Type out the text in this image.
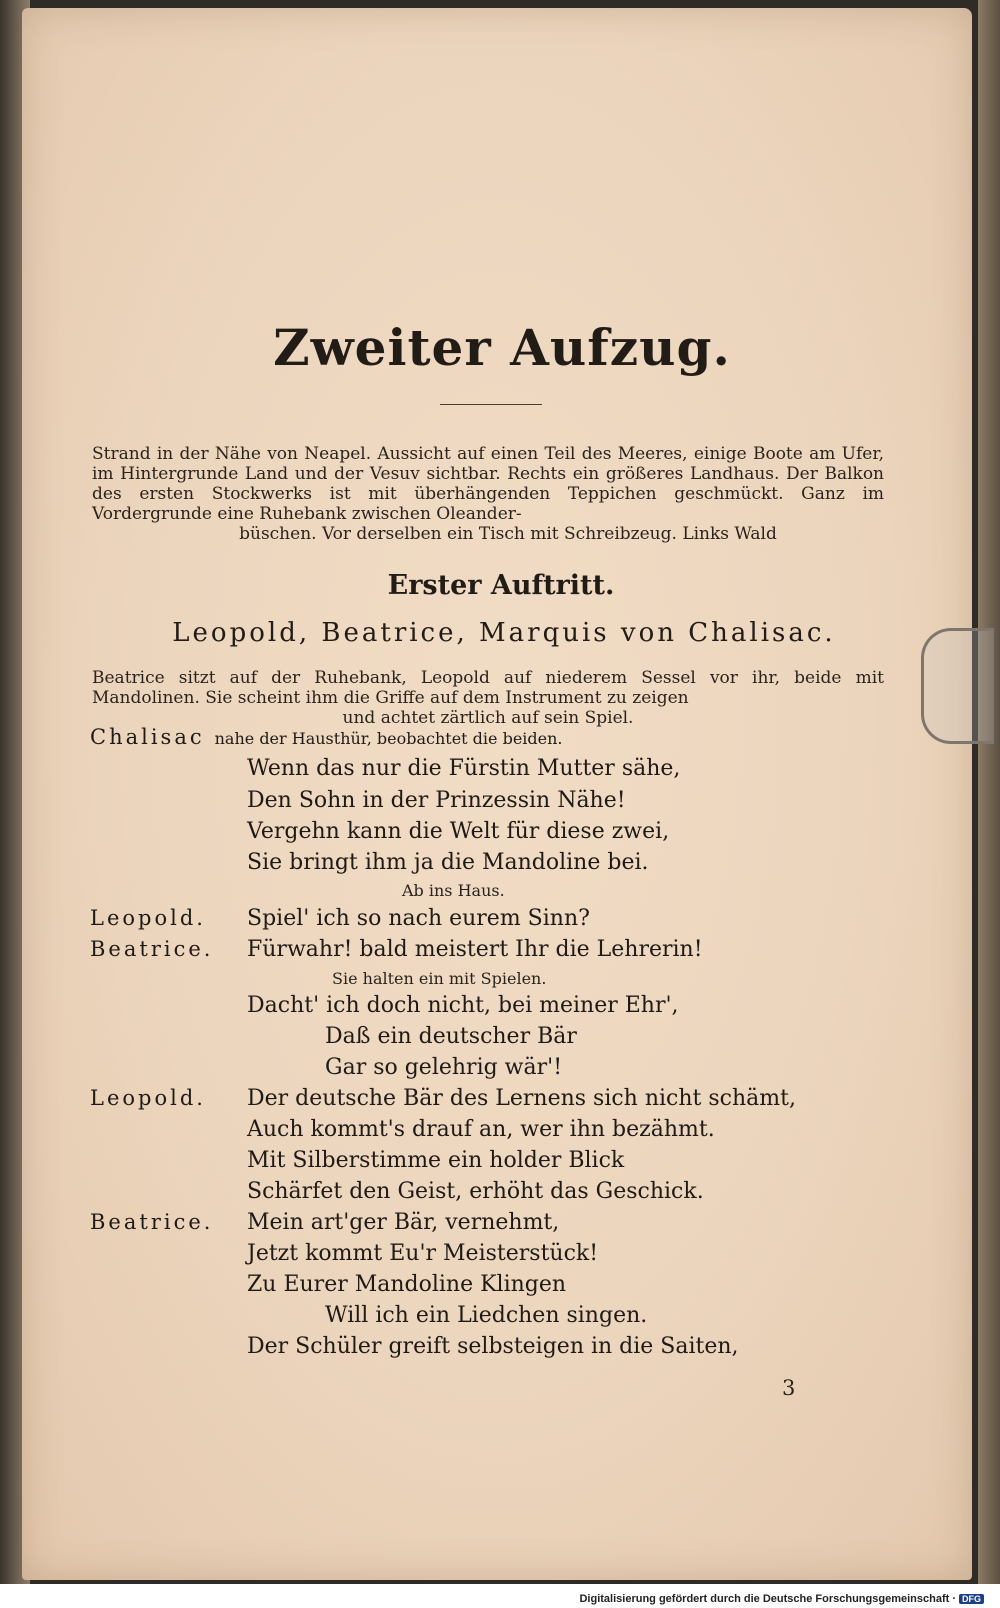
Zweiter Aufzug.
Strand in der Nähe von Neapel. Aussicht auf einen Teil des Meeres, einige Boote am Ufer, im Hintergrunde Land und der Vesuv sichtbar. Rechts ein größeres Landhaus. Der Balkon des ersten Stockwerks ist mit überhängenden Teppichen geschmückt. Ganz im Vordergrunde eine Ruhebank zwischen Oleander-
büschen. Vor derselben ein Tisch mit Schreibzeug. Links Wald
Erster Auftritt.
Leopold, Beatrice, Marquis von Chalisac.
Beatrice sitzt auf der Ruhebank, Leopold auf niederem Sessel vor ihr, beide mit Mandolinen. Sie scheint ihm die Griffe auf dem Instrument zu zeigen
und achtet zärtlich auf sein Spiel.
Chalisac nahe der Hausthür, beobachtet die beiden.
Wenn das nur die Fürstin Mutter sähe,
Den Sohn in der Prinzessin Nähe!
Vergehn kann die Welt für diese zwei,
Sie bringt ihm ja die Mandoline bei.
Ab ins Haus.
Leopold. Spiel' ich so nach eurem Sinn?
Beatrice. Fürwahr! bald meistert Ihr die Lehrerin!
Sie halten ein mit Spielen.
Dacht' ich doch nicht, bei meiner Ehr',
Daß ein deutscher Bär
Gar so gelehrig wär'!
Leopold. Der deutsche Bär des Lernens sich nicht schämt,
Auch kommt's drauf an, wer ihn bezähmt.
Mit Silberstimme ein holder Blick
Schärfet den Geist, erhöht das Geschick.
Beatrice. Mein art'ger Bär, vernehmt,
Jetzt kommt Eu'r Meisterstück!
Zu Eurer Mandoline Klingen
Will ich ein Liedchen singen.
Der Schüler greift selbsteigen in die Saiten,
3
Digitalisierung gefördert durch die Deutsche Forschungsgemeinschaft · DFG
